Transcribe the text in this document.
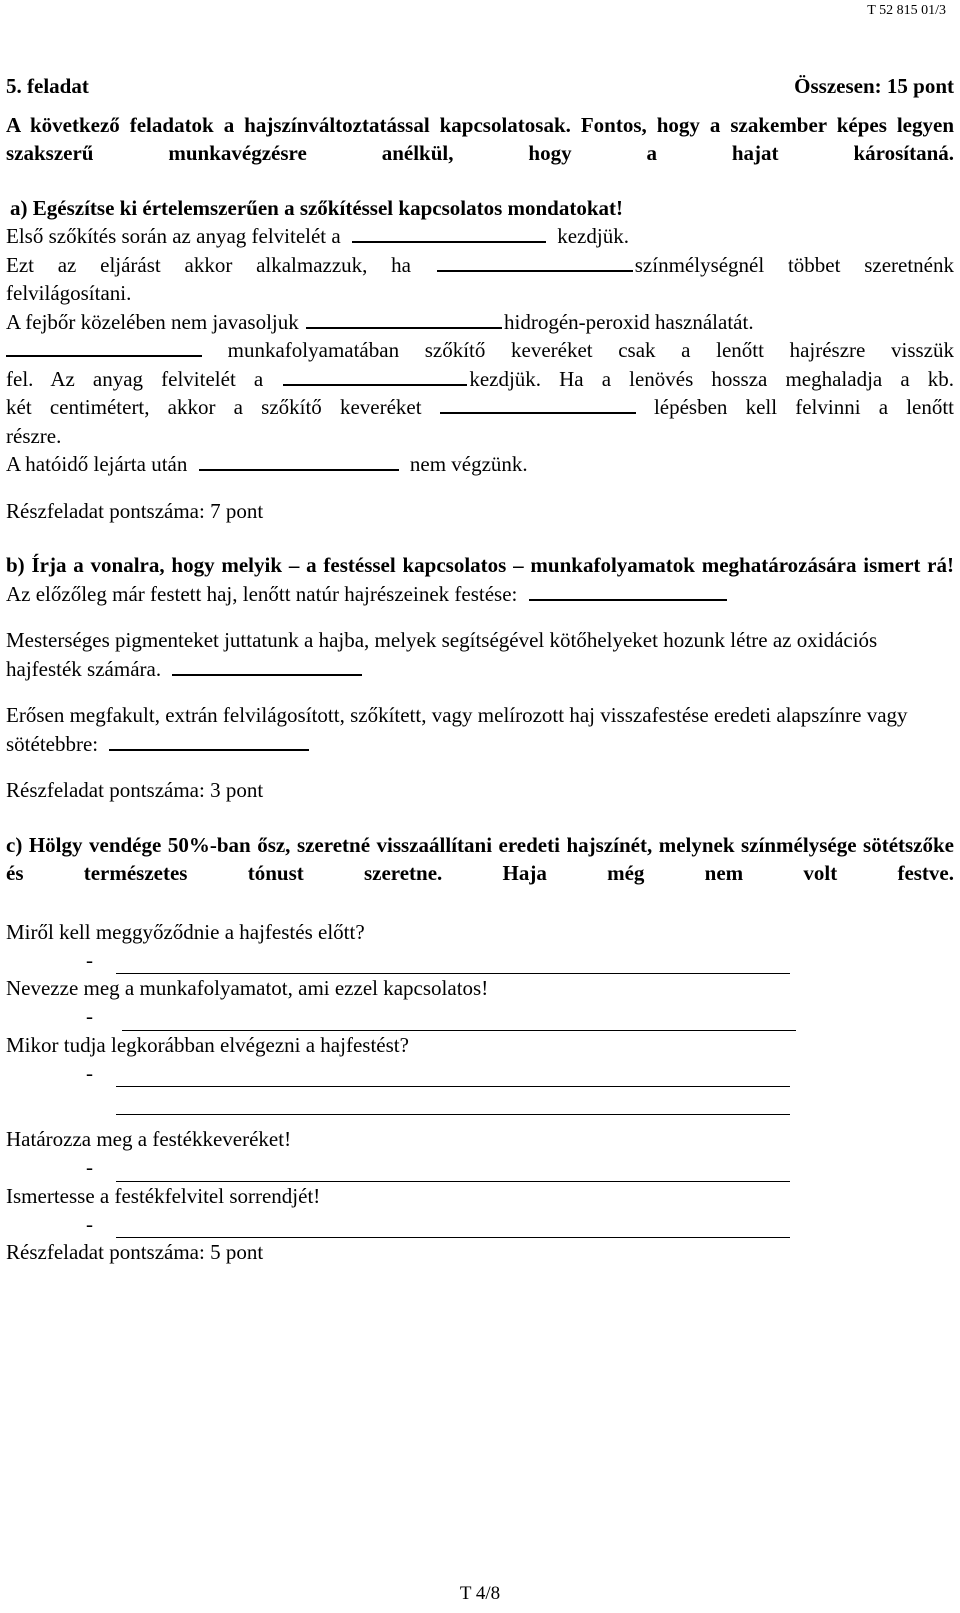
T 52 815 01/3
5. feladat	Összesen: 15 pont
A következő feladatok a hajszínváltoztatással kapcsolatosak. Fontos, hogy a szakember képes legyen szakszerű munkavégzésre anélkül, hogy a hajat károsítaná.
a) Egészítse ki értelemszerűen a szőkítéssel kapcsolatos mondatokat!
Első szőkítés során az anyag felvitelét a	kezdjük.
Ezt az eljárást akkor alkalmazzuk, ha	színmélységnél többet szeretnénk
felvilágosítani.
A fejbőr közelében nem javasoljuk	hidrogén-peroxid használatát.
munkafolyamatában szőkítő keveréket csak a lenőtt hajrészre visszük
fel. Az anyag felvitelét a	kezdjük. Ha a lenövés hossza meghaladja a kb.
két centimétert, akkor a szőkítő keveréket	lépésben kell felvinni a lenőtt
részre.
A hatóidő lejárta után	nem végzünk.
Részfeladat pontszáma: 7 pont
b) Írja a vonalra, hogy melyik – a festéssel kapcsolatos – munkafolyamatok meghatározására ismert rá!
Az előzőleg már festett haj, lenőtt natúr hajrészeinek festése:
Mesterséges pigmenteket juttatunk a hajba, melyek segítségével kötőhelyeket hozunk létre az oxidációs hajfesték számára.
Erősen megfakult, extrán felvilágosított, szőkített, vagy melírozott haj visszafestése eredeti alapszínre vagy sötétebbre:
Részfeladat pontszáma: 3 pont
c) Hölgy vendége 50%-ban ősz, szeretné visszaállítani eredeti hajszínét, melynek színmélysége sötétszőke és természetes tónust szeretne. Haja még nem volt festve.
Miről kell meggyőződnie a hajfestés előtt?
-
Nevezze meg a munkafolyamatot, ami ezzel kapcsolatos!
-
Mikor tudja legkorábban elvégezni a hajfestést?
-
Határozza meg a festékkeveréket!
-
Ismertesse a festékfelvitel sorrendjét!
-
Részfeladat pontszáma: 5 pont
T 4/8
